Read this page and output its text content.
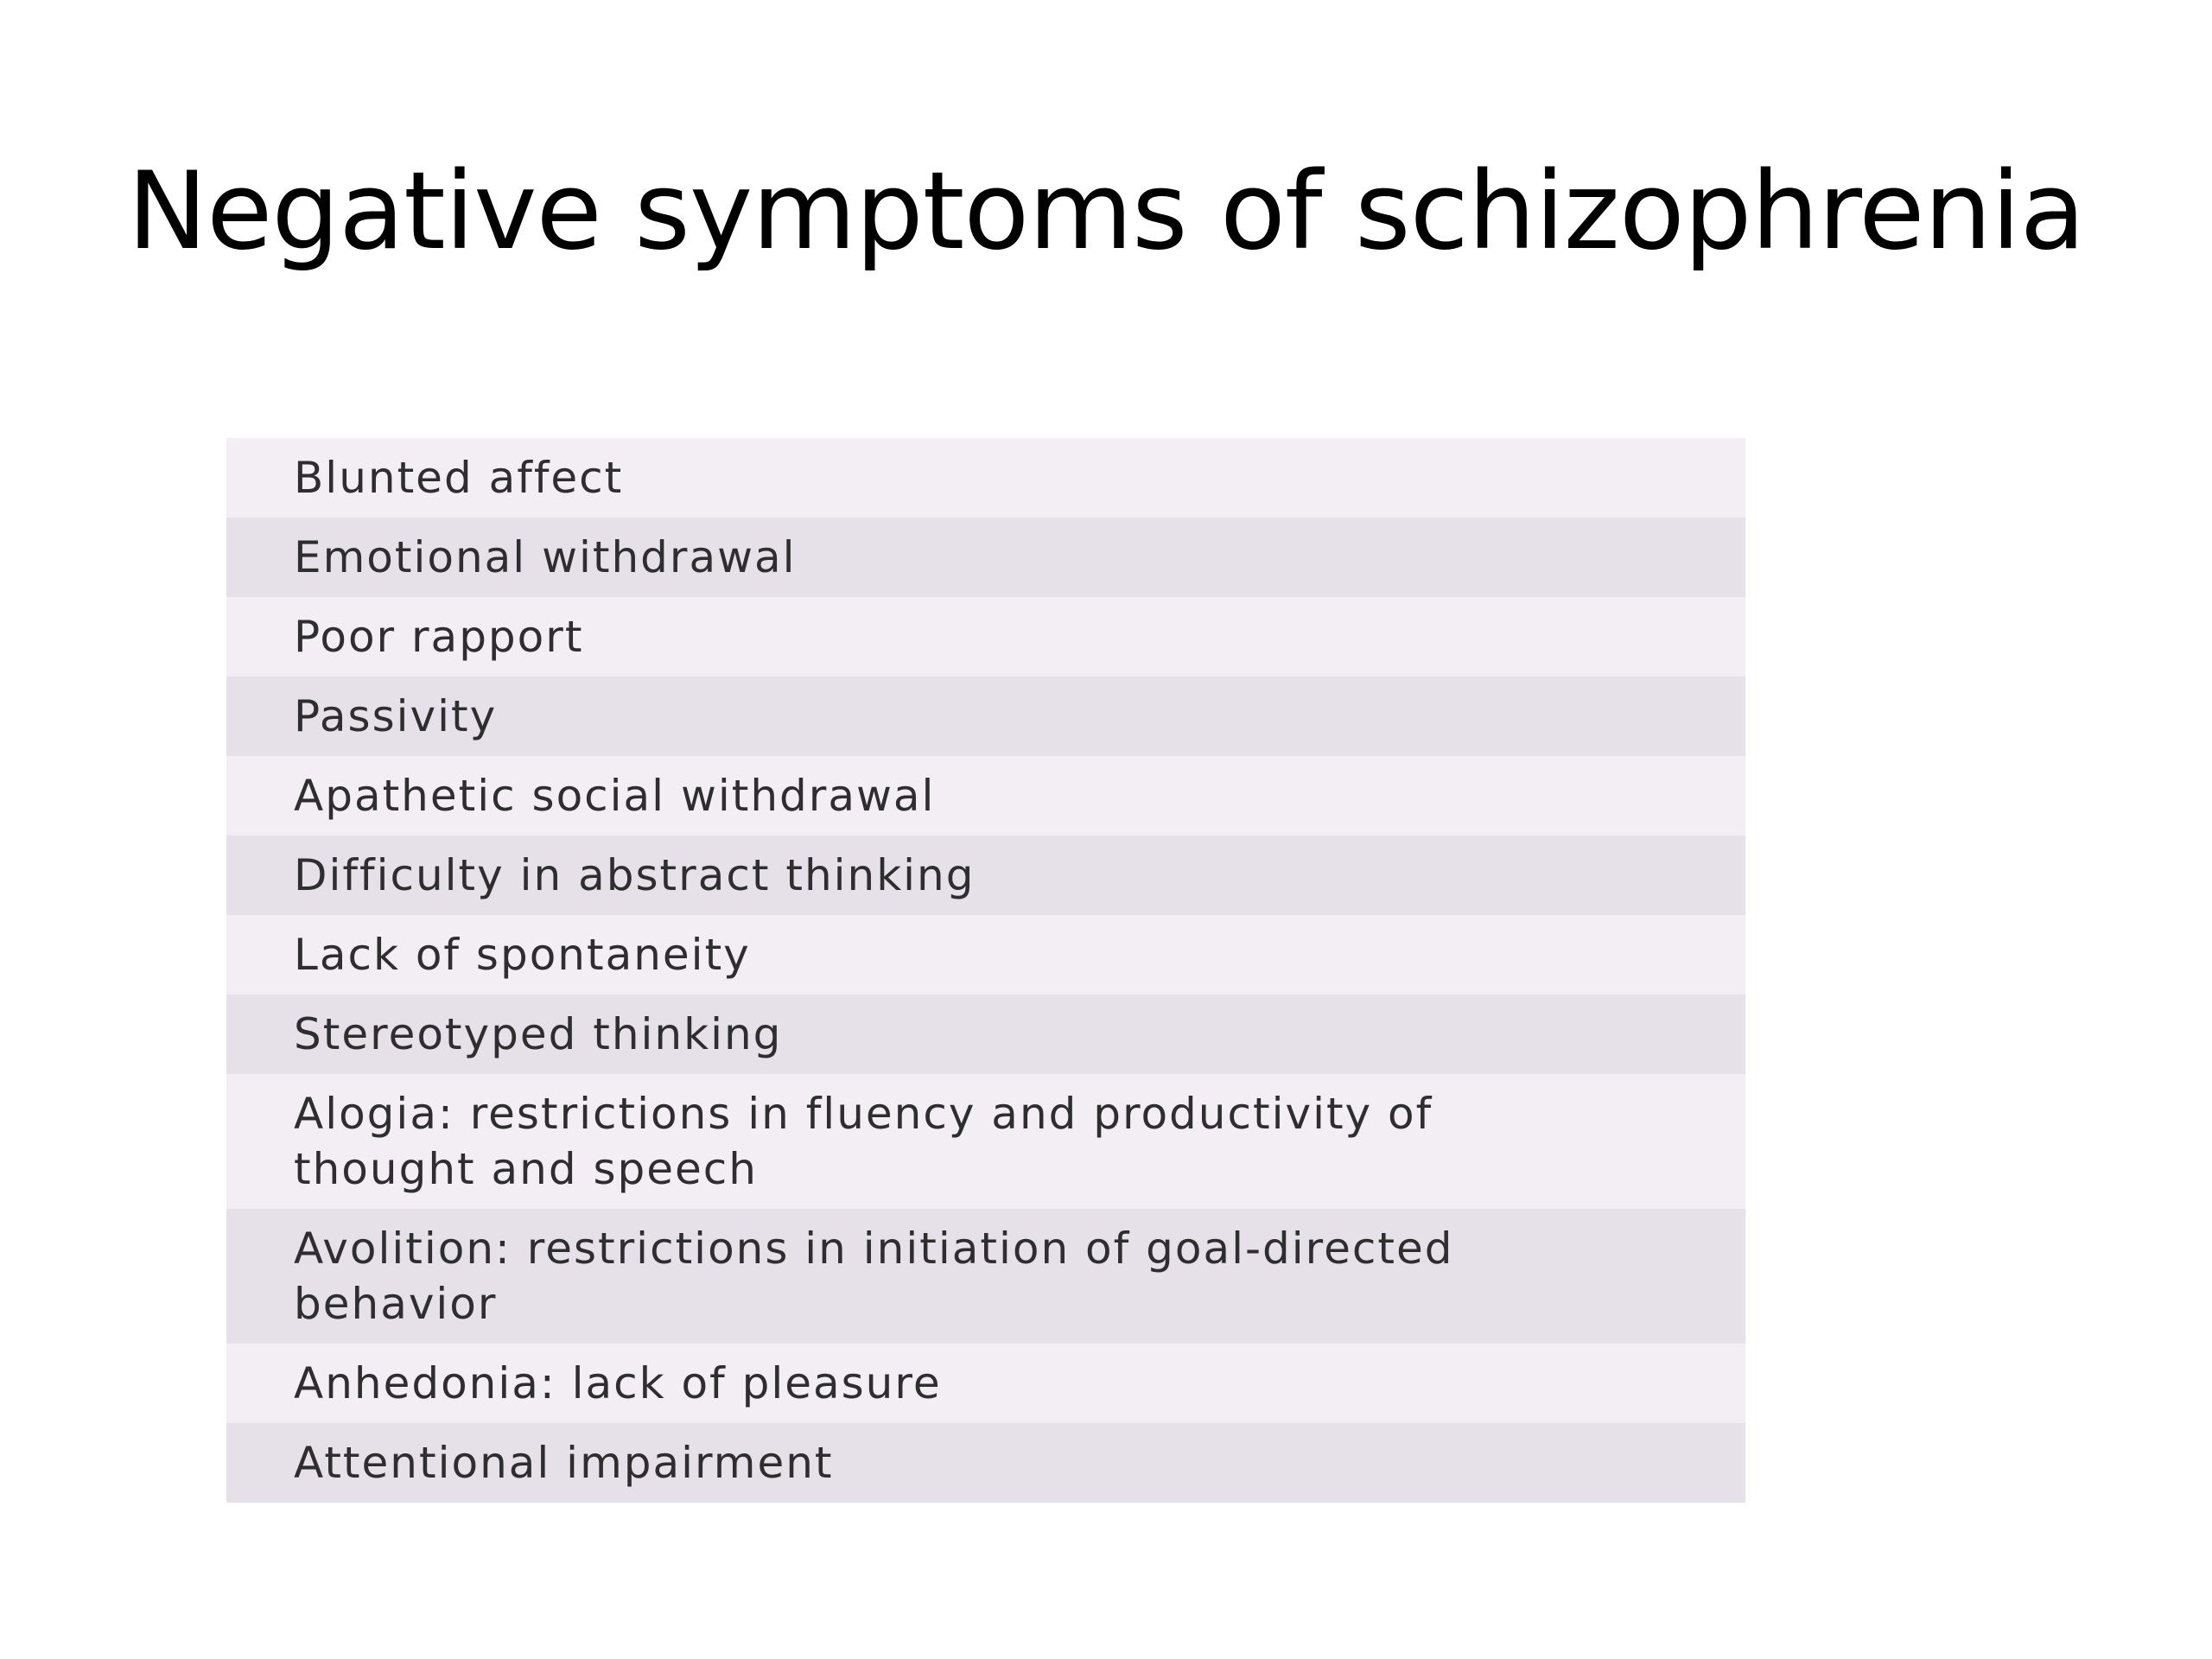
Negative symptoms of schizophrenia
Blunted affect

Emotional withdrawal

Poor rapport

Passivity

Apathetic social withdrawal

Difficulty in abstract thinking

Lack of spontaneity

Stereotyped thinking

Alogia: restrictions in fluency and productivity of thought and speech

Avolition: restrictions in initiation of goal-directed behavior

Anhedonia: lack of pleasure

Attentional impairment
